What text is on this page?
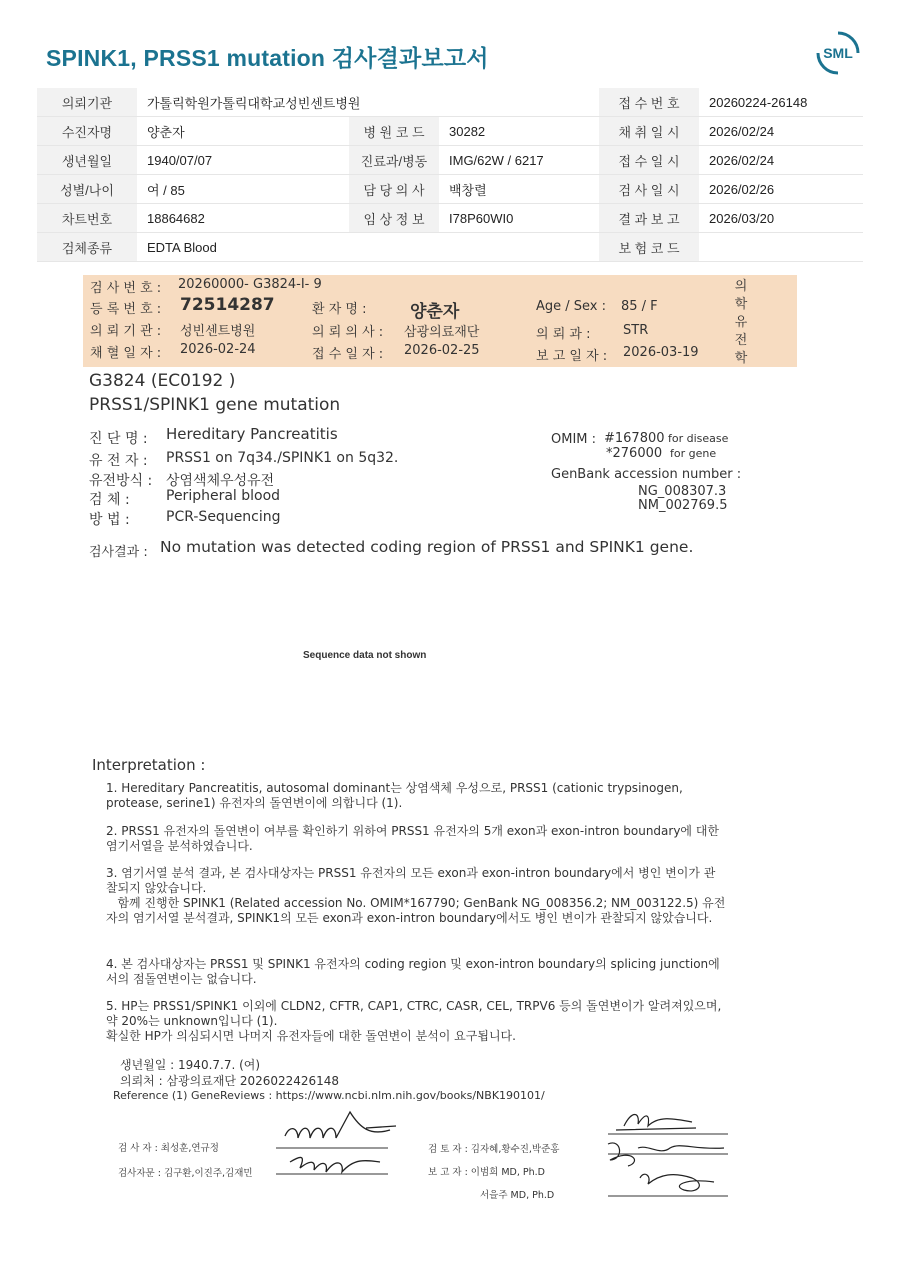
SPINK1, PRSS1 mutation 검사결과보고서	SML
의뢰기관	가톨릭학원가톨릭대학교성빈센트병원			접 수 번 호	20260224-26148
수진자명	양춘자	병 원 코 드	30282	채 취 일 시	2026/02/24
생년월일	1940/07/07	진료과/병동	IMG/62W / 6217	접 수 일 시	2026/02/24
성별/나이	여 / 85	담 당 의 사	백창렬	검 사 일 시	2026/02/26
차트번호	18864682	임 상 정 보	I78P60WI0	결 과 보 고	2026/03/20
검체종류	EDTA Blood			보 험 코 드	
검 사 번 호 : 20260000- G3824-I- 9
등 록 번 호 : 72514287	환 자 명 :	양춘자	Age / Sex : 85 / F
의 뢰 기 관 : 성빈센트병원	의 뢰 의 사 : 삼광의료재단	의 뢰 과 :	STR
채 혈 일 자 : 2026-02-24	접 수 일 자 : 2026-02-25	보 고 일 자 : 2026-03-19
의
학
유
전
학
G3824 (EC0192 )
PRSS1/SPINK1 gene mutation
진 단 명 : Hereditary Pancreatitis
유 전 자 : PRSS1 on 7q34./SPINK1 on 5q32.
유전방식 : 상염색체우성유전
검 체 :	Peripheral blood
방 법 :	PCR-Sequencing
OMIM : #167800 for disease
*276000 for gene
GenBank accession number :
NG_008307.3
NM_002769.5
검사결과 : No mutation was detected coding region of PRSS1 and SPINK1 gene.
Sequence data not shown
Interpretation :
1. Hereditary Pancreatitis, autosomal dominant는 상염색체 우성으로, PRSS1 (cationic trypsinogen, protease, serine1) 유전자의 돌연변이에 의합니다 (1).
2. PRSS1 유전자의 돌연변이 여부를 확인하기 위하여 PRSS1 유전자의 5개 exon과 exon-intron boundary에 대한 염기서열을 분석하였습니다.
3. 염기서열 분석 결과, 본 검사대상자는 PRSS1 유전자의 모든 exon과 exon-intron boundary에서 병인 변이가 관찰되지 않았습니다.
함께 진행한 SPINK1 (Related accession No. OMIM*167790; GenBank NG_008356.2; NM_003122.5) 유전자의 염기서열 분석결과, SPINK1의 모든 exon과 exon-intron boundary에서도 병인 변이가 관찰되지 않았습니다.
4. 본 검사대상자는 PRSS1 및 SPINK1 유전자의 coding region 및 exon-intron boundary의 splicing junction에서의 점돌연변이는 없습니다.
5. HP는 PRSS1/SPINK1 이외에 CLDN2, CFTR, CAP1, CTRC, CASR, CEL, TRPV6 등의 돌연변이가 알려져있으며, 약 20%는 unknown입니다 (1).
확실한 HP가 의심되시면 나머지 유전자들에 대한 돌연변이 분석이 요구됩니다.
생년월일 : 1940.7.7. (여)
의뢰처 : 삼광의료재단 2026022426148
Reference (1) GeneReviews : https://www.ncbi.nlm.nih.gov/books/NBK190101/
검 사 자 : 최성훈,연규정
검사자문 : 김구환,이진주,김재민
검 토 자 : 김자혜,황수진,박준홍
보 고 자 : 이범희 MD, Ph.D
서을주 MD, Ph.D
